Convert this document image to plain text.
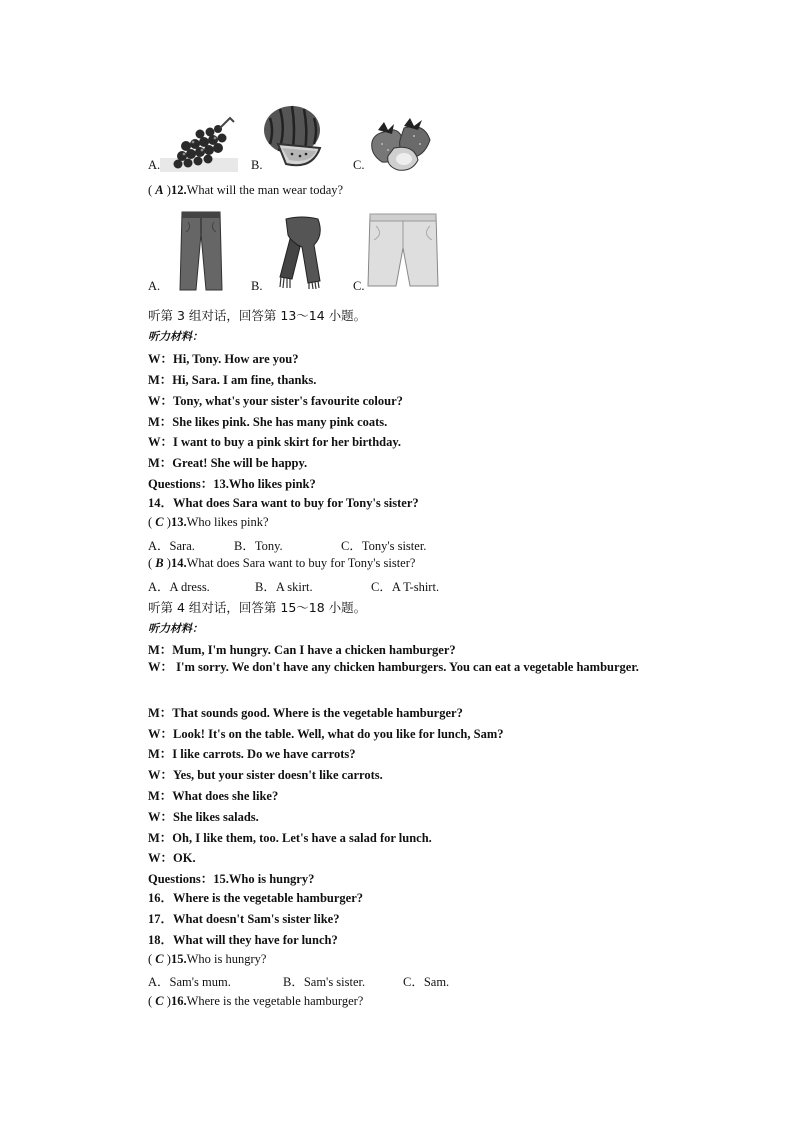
A.	B.	C.
( A )12.What will the man wear today?
A.	B.	C.
听第 3 组对话，回答第 13～14 小题。
听力材料：
W：Hi, Tony. How are you?
M：Hi, Sara. I am fine, thanks.
W：Tony, what's your sister's favourite colour?
M：She likes pink. She has many pink coats.
W：I want to buy a pink skirt for her birthday.
M：Great! She will be happy.
Questions：13.Who likes pink?
14．What does Sara want to buy for Tony's sister?
( C )13.Who likes pink?
A．Sara.	B．Tony.	C．Tony's sister.
( B )14.What does Sara want to buy for Tony's sister?
A．A dress.	B．A skirt.	C．A T-shirt.
听第 4 组对话，回答第 15～18 小题。
听力材料：
M：Mum, I'm hungry. Can I have a chicken hamburger?
W： I'm sorry. We don't have any chicken hamburgers. You can eat a vegetable hamburger.
M：That sounds good. Where is the vegetable hamburger?
W：Look! It's on the table. Well, what do you like for lunch, Sam?
M：I like carrots. Do we have carrots?
W：Yes, but your sister doesn't like carrots.
M：What does she like?
W：She likes salads.
M：Oh, I like them, too. Let's have a salad for lunch.
W：OK.
Questions：15.Who is hungry?
16．Where is the vegetable hamburger?
17．What doesn't Sam's sister like?
18．What will they have for lunch?
( C )15.Who is hungry?
A．Sam's mum.	B．Sam's sister.	C．Sam.
( C )16.Where is the vegetable hamburger?
